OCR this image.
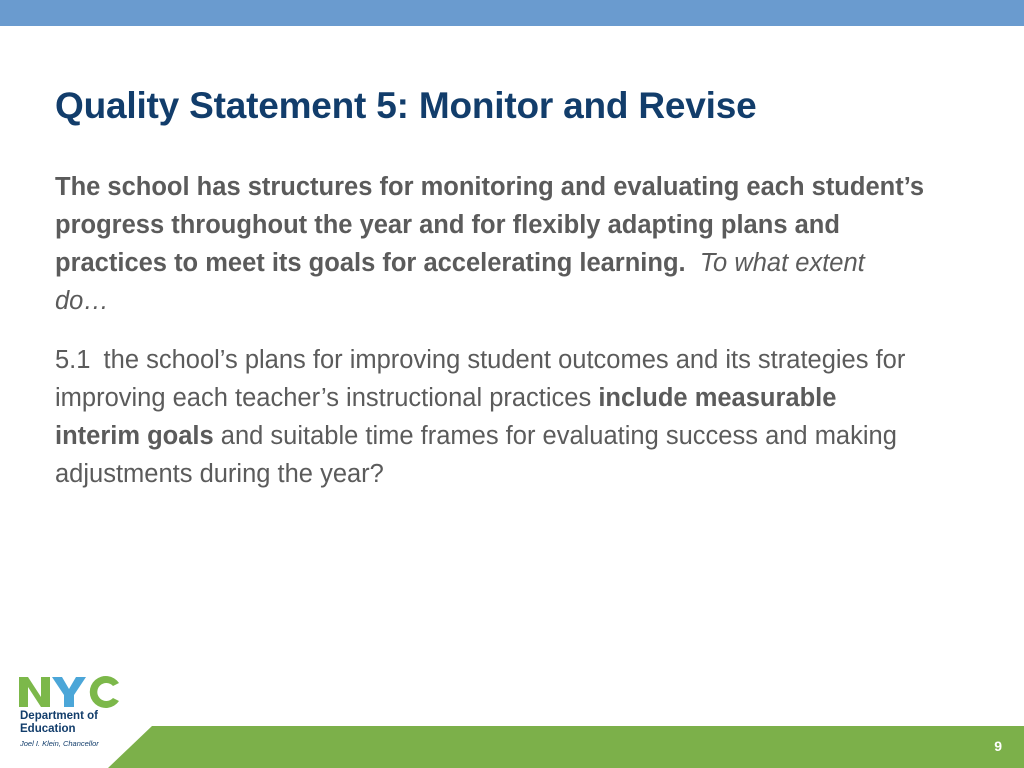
Quality Statement 5: Monitor and Revise

The school has structures for monitoring and evaluating each student’s progress throughout the year and for flexibly adapting plans and practices to meet its goals for accelerating learning. To what extent do…

5.1 the school’s plans for improving student outcomes and its strategies for improving each teacher’s instructional practices include measurable interim goals and suitable time frames for evaluating success and making adjustments during the year?

Department of
Education
Joel I. Klein, Chancellor	9
